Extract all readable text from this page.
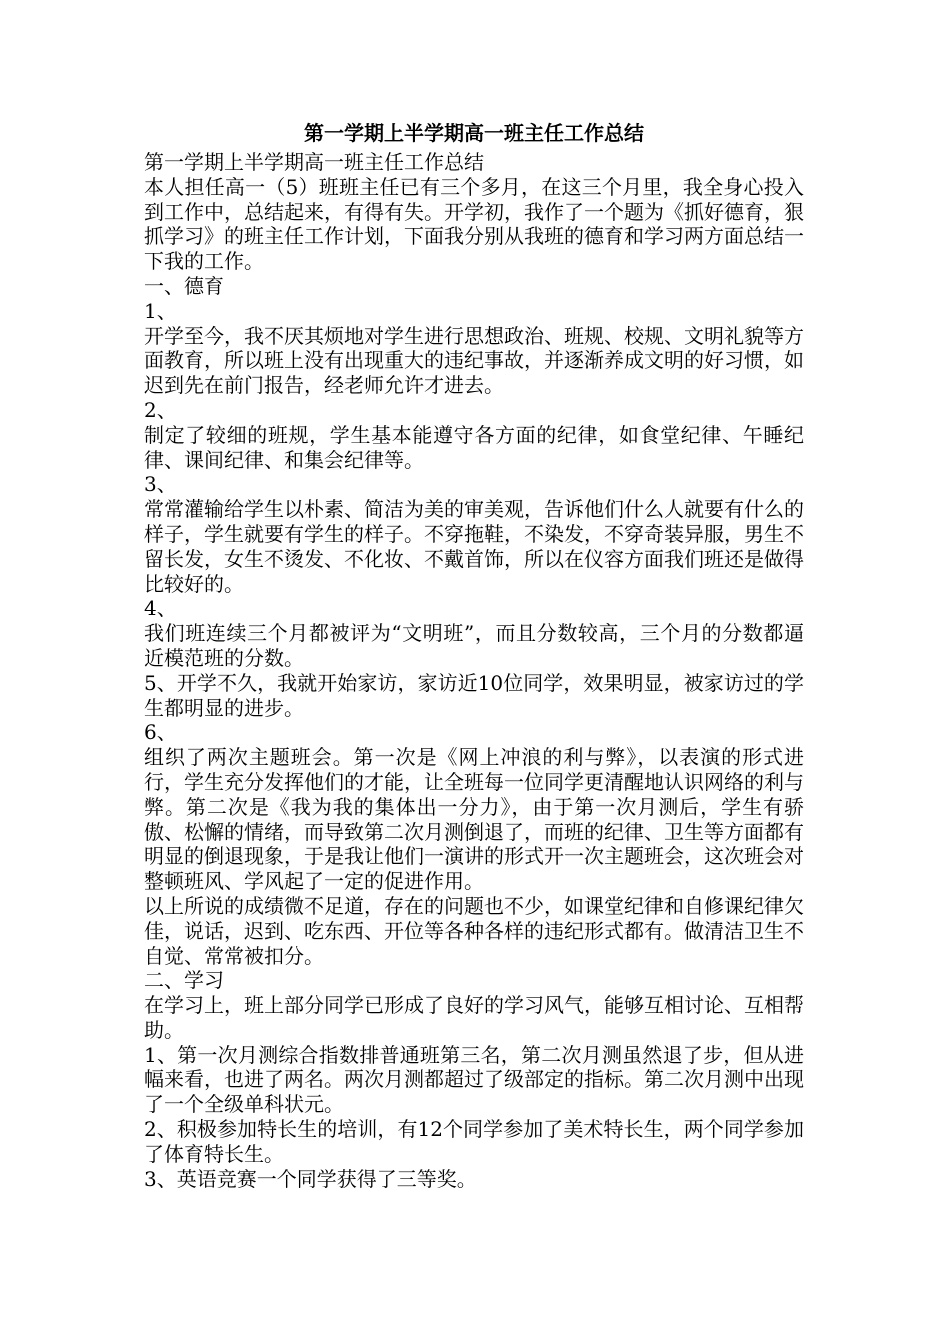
第一学期上半学期高一班主任工作总结
第一学期上半学期高一班主任工作总结
本人担任高一（5）班班主任已有三个多月，在这三个月里，我全身心投入到工作中，总结起来，有得有失。开学初，我作了一个题为《抓好德育，狠抓学习》的班主任工作计划，下面我分别从我班的德育和学习两方面总结一下我的工作。
一、德育
1、
开学至今，我不厌其烦地对学生进行思想政治、班规、校规、文明礼貌等方面教育，所以班上没有出现重大的违纪事故，并逐渐养成文明的好习惯，如迟到先在前门报告，经老师允许才进去。
2、
制定了较细的班规，学生基本能遵守各方面的纪律，如食堂纪律、午睡纪律、课间纪律、和集会纪律等。
3、
常常灌输给学生以朴素、简洁为美的审美观，告诉他们什么人就要有什么的样子，学生就要有学生的样子。不穿拖鞋，不染发，不穿奇装异服，男生不留长发，女生不烫发、不化妆、不戴首饰，所以在仪容方面我们班还是做得比较好的。
4、
我们班连续三个月都被评为“文明班”，而且分数较高，三个月的分数都逼近模范班的分数。
5、开学不久，我就开始家访，家访近10位同学，效果明显，被家访过的学生都明显的进步。
6、
组织了两次主题班会。第一次是《网上冲浪的利与弊》，以表演的形式进行，学生充分发挥他们的才能，让全班每一位同学更清醒地认识网络的利与弊。第二次是《我为我的集体出一分力》，由于第一次月测后，学生有骄傲、松懈的情绪，而导致第二次月测倒退了，而班的纪律、卫生等方面都有明显的倒退现象，于是我让他们一演讲的形式开一次主题班会，这次班会对整顿班风、学风起了一定的促进作用。
以上所说的成绩微不足道，存在的问题也不少，如课堂纪律和自修课纪律欠佳，说话，迟到、吃东西、开位等各种各样的违纪形式都有。做清洁卫生不自觉、常常被扣分。
二、学习
在学习上，班上部分同学已形成了良好的学习风气，能够互相讨论、互相帮助。
1、第一次月测综合指数排普通班第三名，第二次月测虽然退了步，但从进幅来看，也进了两名。两次月测都超过了级部定的指标。第二次月测中出现了一个全级单科状元。
2、积极参加特长生的培训，有12个同学参加了美术特长生，两个同学参加了体育特长生。
3、英语竞赛一个同学获得了三等奖。
